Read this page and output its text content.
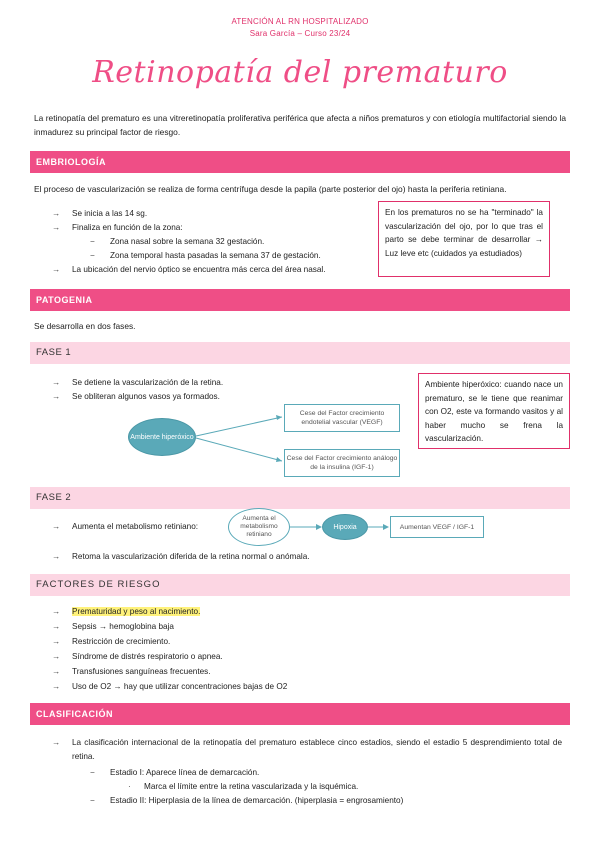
ATENCIÓN AL RN HOSPITALIZADO
Sara García – Curso 23/24
Retinopatía del prematuro
La retinopatía del prematuro es una vitreretinopatía proliferativa periférica que afecta a niños prematuros y con etiología multifactorial siendo la inmadurez su principal factor de riesgo.
EMBRIOLOGÍA
El proceso de vascularización se realiza de forma centrífuga desde la papila (parte posterior del ojo) hasta la periferia retiniana.
→ Se inicia a las 14 sg.
→ Finaliza en función de la zona:
− Zona nasal sobre la semana 32 gestación.
− Zona temporal hasta pasadas la semana 37 de gestación.
→ La ubicación del nervio óptico se encuentra más cerca del área nasal.
En los prematuros no se ha "terminado" la vascularización del ojo, por lo que tras el parto se debe terminar de desarrollar → Luz leve etc (cuidados ya estudiados)
PATOGENIA
Se desarrolla en dos fases.
FASE 1
→ Se detiene la vascularización de la retina.
→ Se obliteran algunos vasos ya formados.
Ambiente hiperóxico
Cese del Factor crecimiento endotelial vascular (VEGF)
Cese del Factor crecimiento análogo de la insulina (IGF-1)
Ambiente hiperóxico: cuando nace un prematuro, se le tiene que reanimar con O2, este va formando vasitos y al haber mucho se frena la vascularización.
FASE 2
→ Aumenta el metabolismo retiniano:
Aumenta el metabolismo retiniano
Hipoxia	Aumentan VEGF / IGF-1
→ Retoma la vascularización diferida de la retina normal o anómala.
FACTORES DE RIESGO
→ Prematuridad y peso al nacimiento.
→ Sepsis → hemoglobina baja
→ Restricción de crecimiento.
→ Síndrome de distrés respiratorio o apnea.
→ Transfusiones sanguíneas frecuentes.
→ Uso de O2 → hay que utilizar concentraciones bajas de O2
CLASIFICACIÓN
→	La clasificación internacional de la retinopatía del prematuro establece cinco estadios, siendo el estadio 5 desprendimiento total de retina.
− Estadio I: Aparece línea de demarcación.
· Marca el límite entre la retina vascularizada y la isquémica.
− Estadio II: Hiperplasia de la línea de demarcación. (hiperplasia = engrosamiento)
